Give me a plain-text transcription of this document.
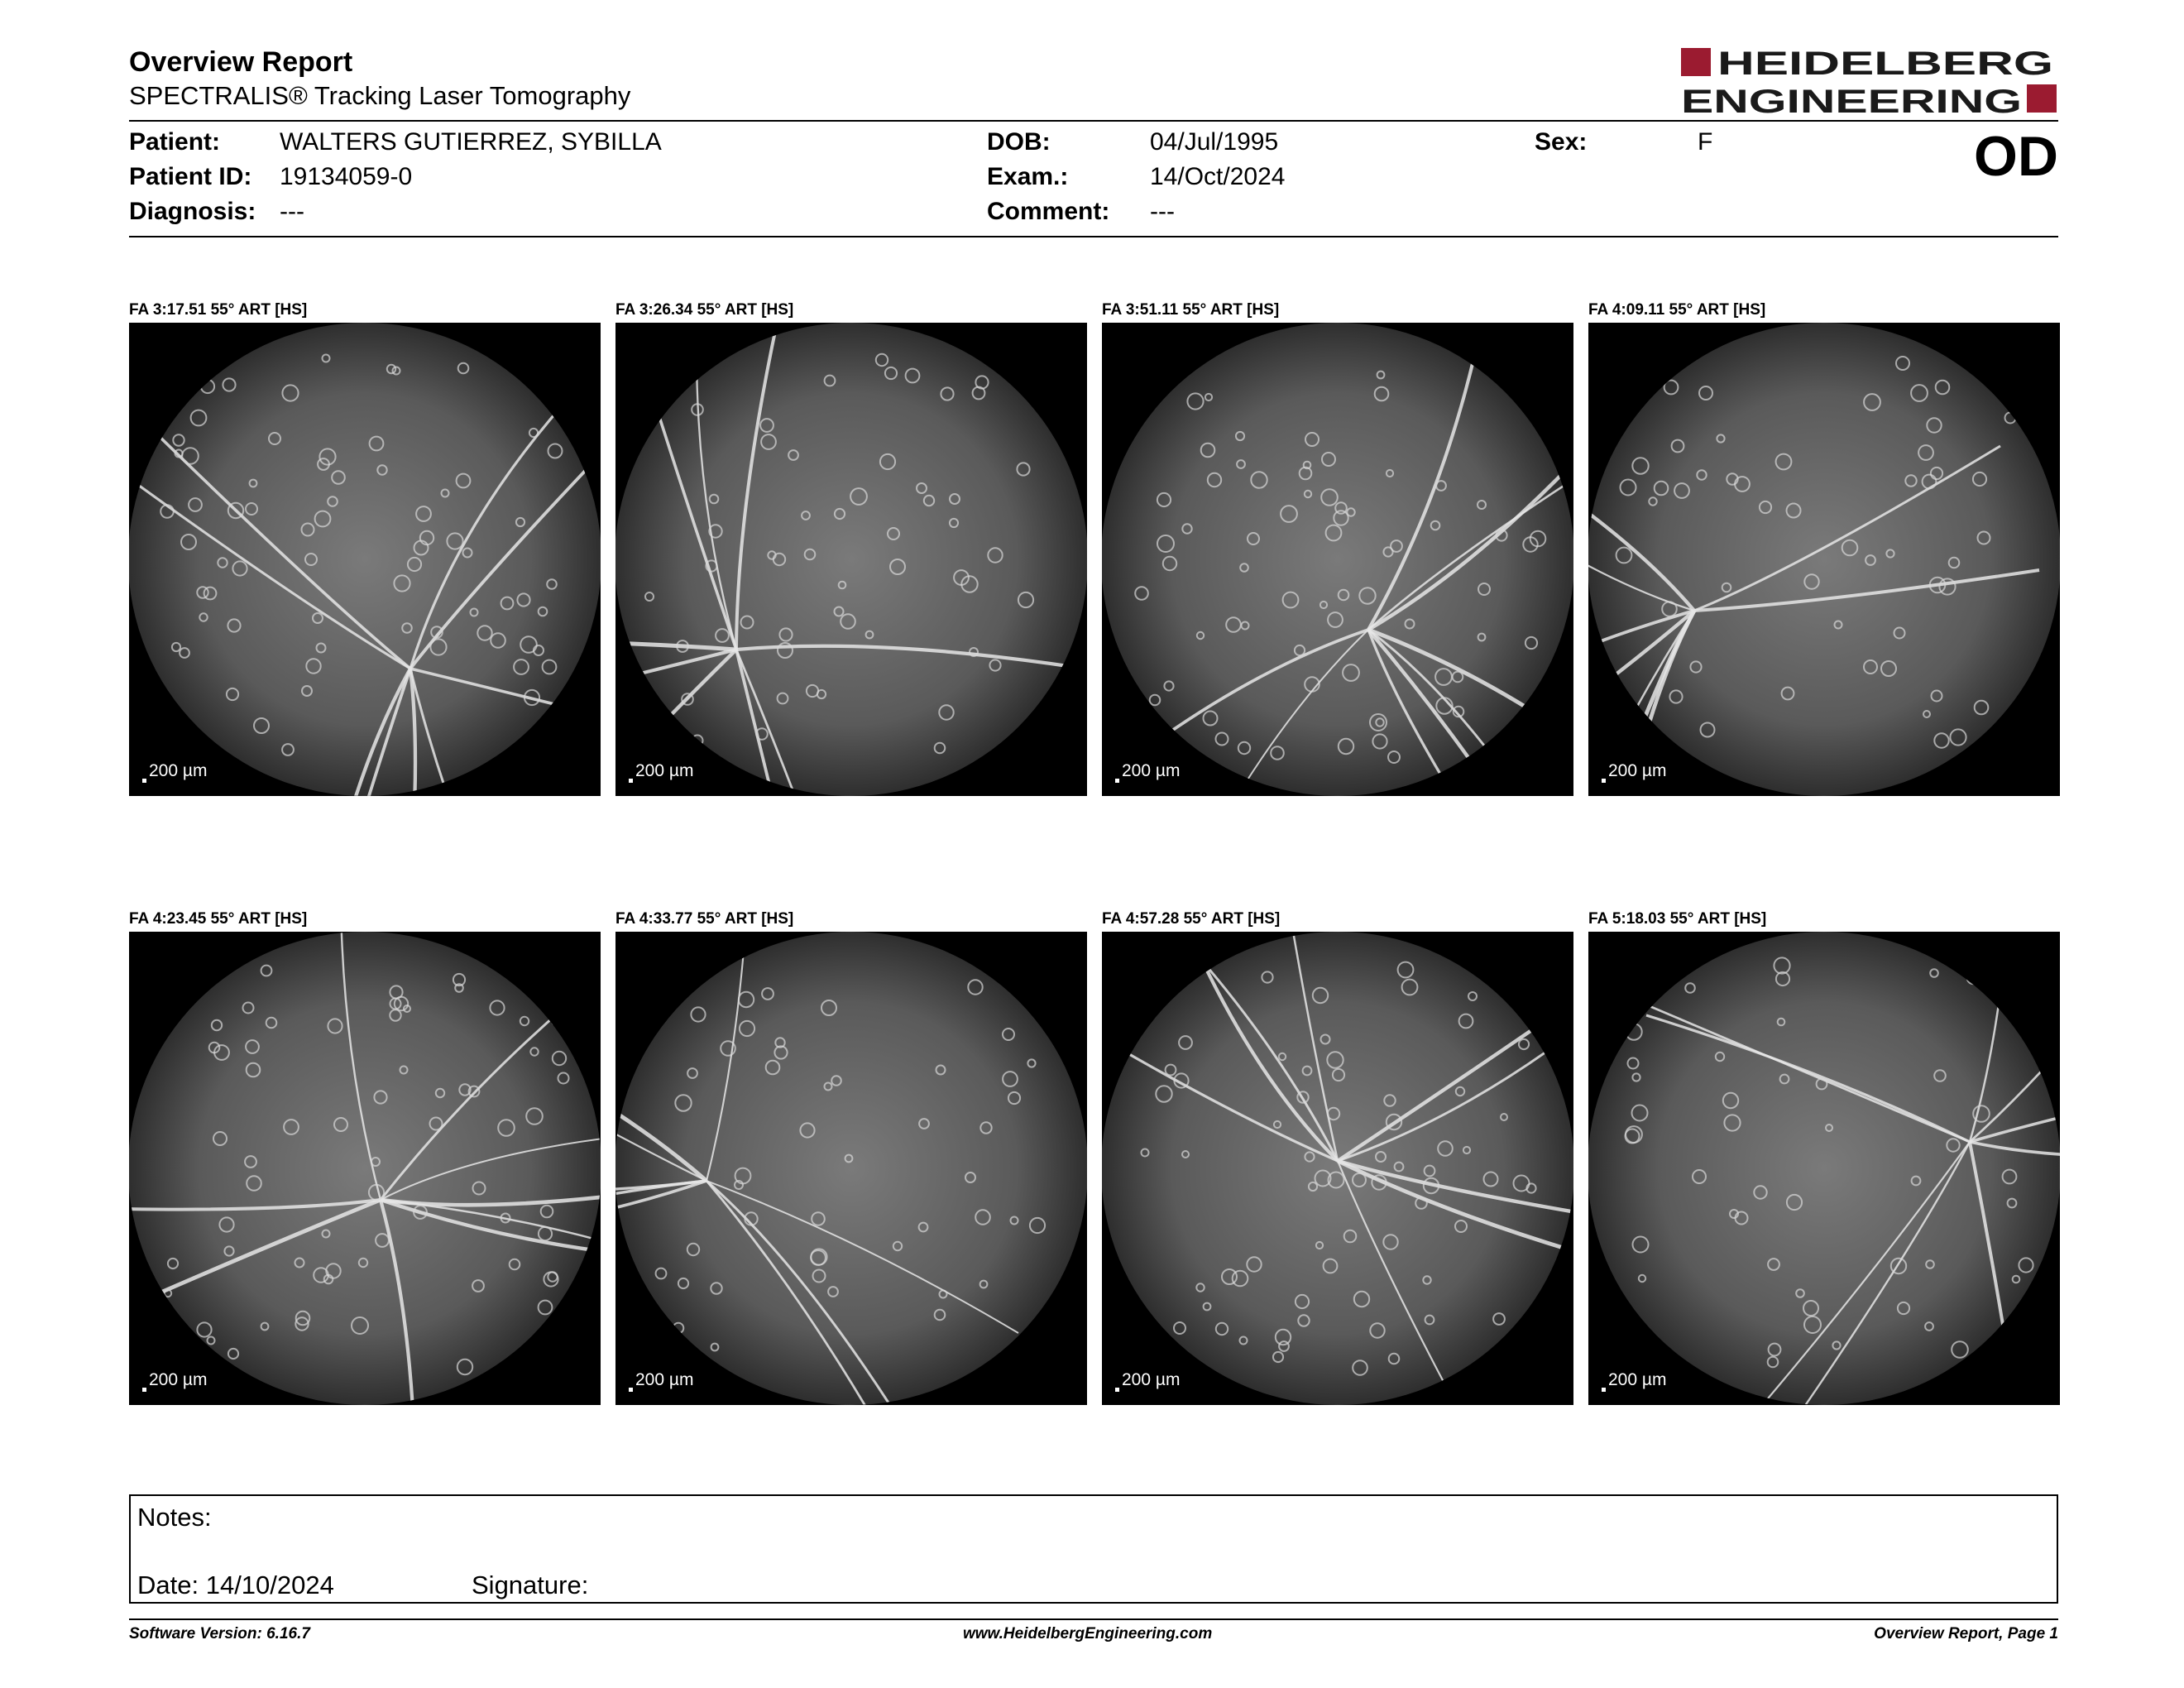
Overview Report
SPECTRALIS® Tracking Laser Tomography
HEIDELBERG
ENGINEERING
Patient: WALTERS GUTIERREZ, SYBILLA
Patient ID: 19134059-0
Diagnosis: ---
DOB:	04/Jul/1995
Exam.:	14/Oct/2024
Comment: ---
Sex:	F	OD
FA 3:17.51 55° ART [HS]
200 µm
FA 3:26.34 55° ART [HS]
200 µm
FA 3:51.11 55° ART [HS]
200 µm
FA 4:09.11 55° ART [HS]
200 µm
FA 4:23.45 55° ART [HS]
200 µm
FA 4:33.77 55° ART [HS]
200 µm
FA 4:57.28 55° ART [HS]
200 µm
FA 5:18.03 55° ART [HS]
200 µm
Notes:
Date: 14/10/2024	Signature:
Software Version: 6.16.7	www.HeidelbergEngineering.com	Overview Report, Page 1
